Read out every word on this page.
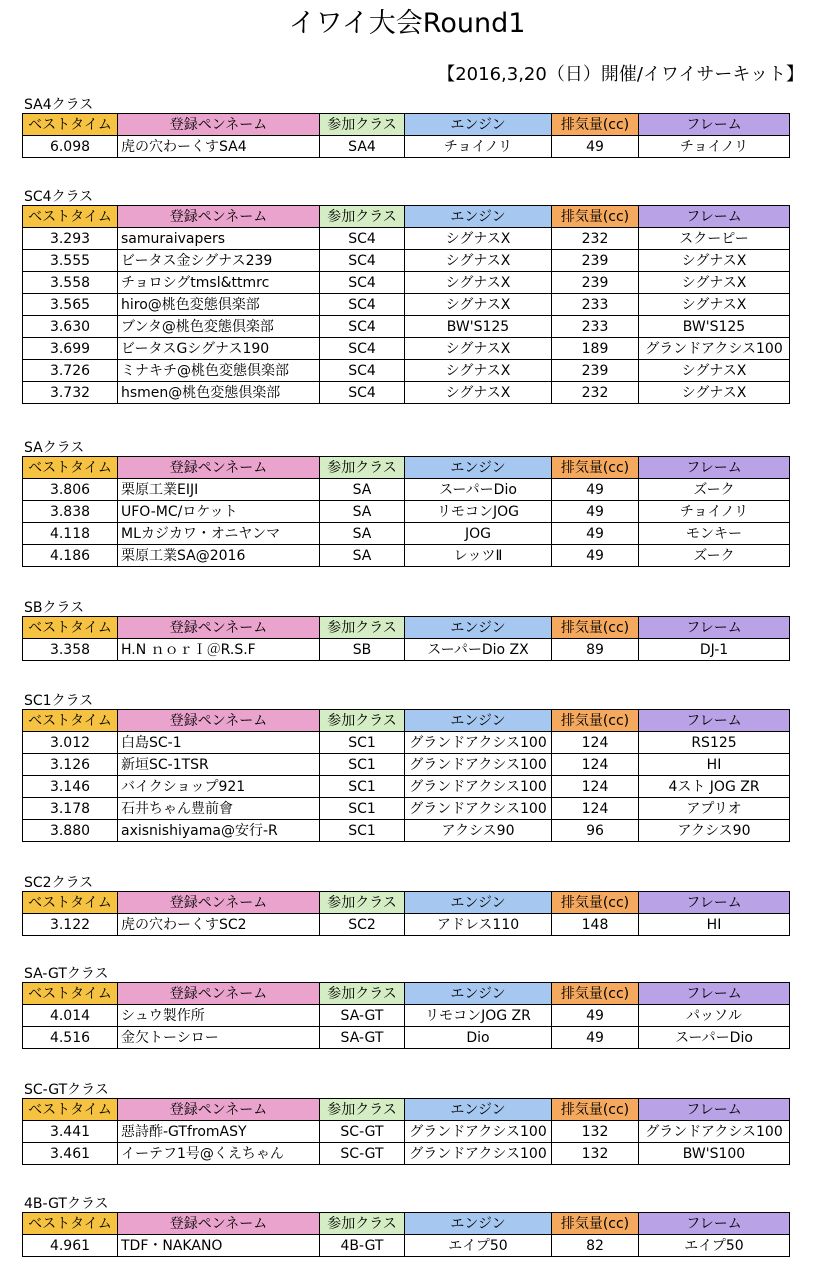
イワイ大会Round1
【2016,3,20（日）開催/イワイサーキット】
SA4クラス
ベストタイム	登録ペンネーム	参加クラス	エンジン	排気量(cc)	フレーム
6.098	虎の穴わーくすSA4	SA4	チョイノリ	49	チョイノリ
SC4クラス
ベストタイム	登録ペンネーム	参加クラス	エンジン	排気量(cc)	フレーム
3.293	samuraivapers	SC4	シグナスX	232	スクーピー
3.555	ビータス金シグナス239	SC4	シグナスX	239	シグナスX
3.558	チョロシグtmsl&ttmrc	SC4	シグナスX	239	シグナスX
3.565	hiro@桃色変態倶楽部	SC4	シグナスX	233	シグナスX
3.630	ブンタ@桃色変態倶楽部	SC4	BW'S125	233	BW'S125
3.699	ビータスGシグナス190	SC4	シグナスX	189	グランドアクシス100
3.726	ミナキチ@桃色変態倶楽部	SC4	シグナスX	239	シグナスX
3.732	hsmen@桃色変態倶楽部	SC4	シグナスX	232	シグナスX
SAクラス
ベストタイム	登録ペンネーム	参加クラス	エンジン	排気量(cc)	フレーム
3.806	栗原工業EIJI	SA	スーパーDio	49	ズーク
3.838	UFO-MC/ロケット	SA	リモコンJOG	49	チョイノリ
4.118	MLカジカワ・オニヤンマ	SA	JOG	49	モンキー
4.186	栗原工業SA@2016	SA	レッツⅡ	49	ズーク
SBクラス
ベストタイム	登録ペンネーム	参加クラス	エンジン	排気量(cc)	フレーム
3.358	H.N ｎｏｒＩ＠R.S.F	SB	スーパーDio ZX	89	DJ-1
SC1クラス
ベストタイム	登録ペンネーム	参加クラス	エンジン	排気量(cc)	フレーム
3.012	白島SC-1	SC1	グランドアクシス100	124	RS125
3.126	新垣SC-1TSR	SC1	グランドアクシス100	124	HI
3.146	バイクショップ921	SC1	グランドアクシス100	124	4スト JOG ZR
3.178	石井ちゃん豊前會	SC1	グランドアクシス100	124	アプリオ
3.880	axisnishiyama@安行-R	SC1	アクシス90	96	アクシス90
SC2クラス
ベストタイム	登録ペンネーム	参加クラス	エンジン	排気量(cc)	フレーム
3.122	虎の穴わーくすSC2	SC2	アドレス110	148	HI
SA-GTクラス
ベストタイム	登録ペンネーム	参加クラス	エンジン	排気量(cc)	フレーム
4.014	シュウ製作所	SA-GT	リモコンJOG ZR	49	パッソル
4.516	金欠トーシロー	SA-GT	Dio	49	スーパーDio
SC-GTクラス
ベストタイム	登録ペンネーム	参加クラス	エンジン	排気量(cc)	フレーム
3.441	惡詩酢-GTfromASY	SC-GT	グランドアクシス100	132	グランドアクシス100
3.461	イーテフ1号@くえちゃん	SC-GT	グランドアクシス100	132	BW'S100
4B-GTクラス
ベストタイム	登録ペンネーム	参加クラス	エンジン	排気量(cc)	フレーム
4.961	TDF・NAKANO	4B-GT	エイプ50	82	エイプ50
